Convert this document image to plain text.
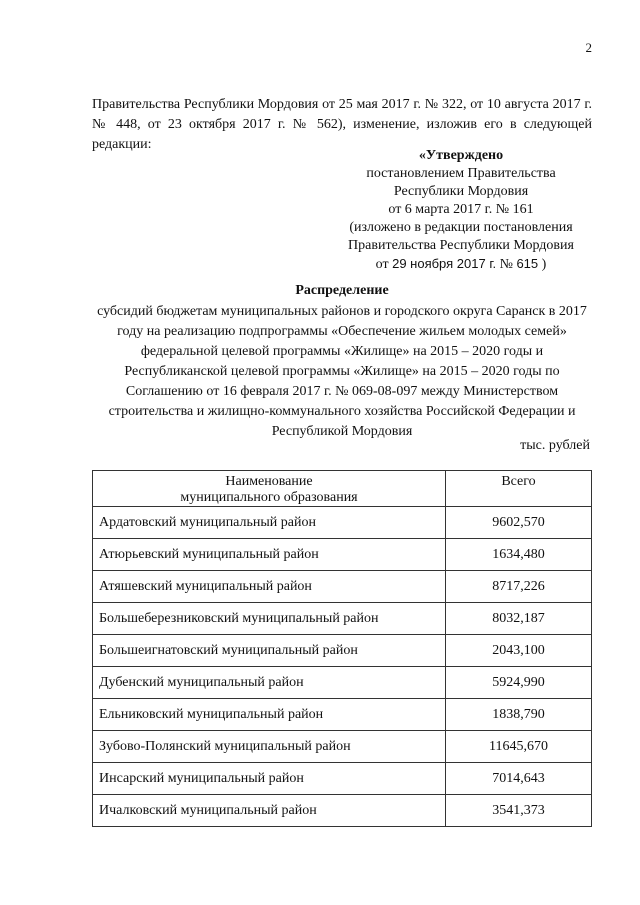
2
Правительства Республики Мордовия от 25 мая 2017 г. № 322, от 10 августа 2017 г. № 448, от 23 октября 2017 г. № 562), изменение, изложив его в следующей редакции:
«Утверждено
постановлением Правительства
Республики Мордовия
от 6 марта 2017 г. № 161
(изложено в редакции постановления
Правительства Республики Мордовия
от 29 ноября 2017 г. № 615 )
Распределение
субсидий бюджетам муниципальных районов и городского округа Саранск в 2017 году на реализацию подпрограммы «Обеспечение жильем молодых семей» федеральной целевой программы «Жилище» на 2015 – 2020 годы и Республиканской целевой программы «Жилище» на 2015 – 2020 годы по Соглашению от 16 февраля 2017 г. № 069-08-097 между Министерством строительства и жилищно-коммунального хозяйства Российской Федерации и Республикой Мордовия
тыс. рублей
Наименование
муниципального образования	Всего
Ардатовский муниципальный район	9602,570
Атюрьевский муниципальный район	1634,480
Атяшевский муниципальный район	8717,226
Большеберезниковский муниципальный район	8032,187
Большеигнатовский муниципальный район	2043,100
Дубенский муниципальный район	5924,990
Ельниковский муниципальный район	1838,790
Зубово-Полянский муниципальный район	11645,670
Инсарский муниципальный район	7014,643
Ичалковский муниципальный район	3541,373
